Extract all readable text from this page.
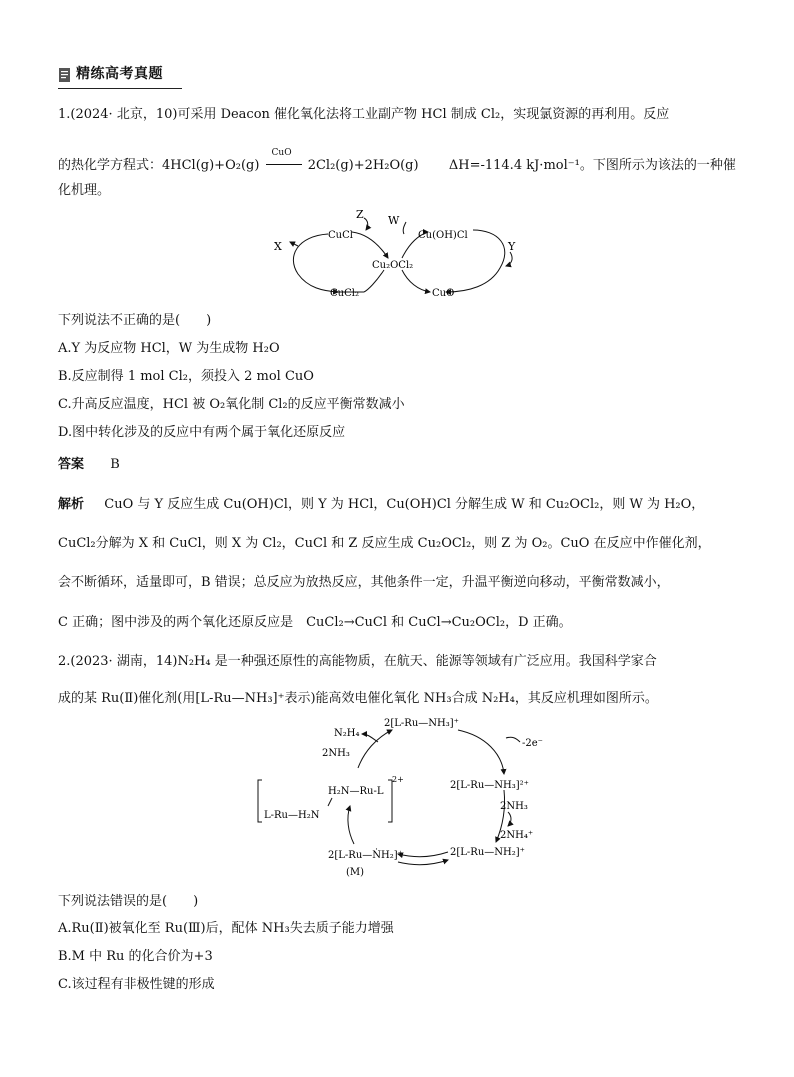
精练高考真题
1.(2024· 北京，10)可采用 Deacon 催化氧化法将工业副产物 HCl 制成 Cl₂，实现氯资源的再利用。反应
的热化学方程式：4HCl(g)+O₂(g)
CuO
2Cl₂(g)+2H₂O(g) ΔH=-114.4 kJ·mol⁻¹。下图所示为该法的一种催
化机理。
CuCl	Cu(OH)Cl
Cu₂OCl₂
CuCl₂	CuO
X	Y
Z W
下列说法不正确的是(　　)
A.Y 为反应物 HCl，W 为生成物 H₂O
B.反应制得 1 mol Cl₂，须投入 2 mol CuO
C.升高反应温度，HCl 被 O₂氧化制 Cl₂的反应平衡常数减小
D.图中转化涉及的反应中有两个属于氧化还原反应
答案 B
解析 CuO 与 Y 反应生成 Cu(OH)Cl，则 Y 为 HCl，Cu(OH)Cl 分解生成 W 和 Cu₂OCl₂，则 W 为 H₂O，
CuCl₂分解为 X 和 CuCl，则 X 为 Cl₂，CuCl 和 Z 反应生成 Cu₂OCl₂，则 Z 为 O₂。CuO 在反应中作催化剂，
会不断循环，适量即可，B 错误；总反应为放热反应，其他条件一定，升温平衡逆向移动，平衡常数减小，
C 正确；图中涉及的两个氧化还原反应是　CuCl₂→CuCl 和 CuCl→Cu₂OCl₂，D 正确。
2.(2023· 湖南，14)N₂H₄ 是一种强还原性的高能物质，在航天、能源等领域有广泛应用。我国科学家合
成的某 Ru(Ⅱ)催化剂(用[L-Ru—NH₃]⁺表示)能高效电催化氧化 NH₃合成 N₂H₄，其反应机理如图所示。
N₂H₄
2NH₃
2[L-Ru—NH₃]⁺
-2e⁻
2[L-Ru—NH₃]²⁺
2NH₃
2NH₄⁺
2[L-Ru—NH₂]⁺
2[L-Ru—ṄH₂]⁺
(M)
H₂N—Ru-L
L-Ru—H₂N
2+
下列说法错误的是(　　)
A.Ru(Ⅱ)被氧化至 Ru(Ⅲ)后，配体 NH₃失去质子能力增强
B.M 中 Ru 的化合价为+3
C.该过程有非极性键的形成
